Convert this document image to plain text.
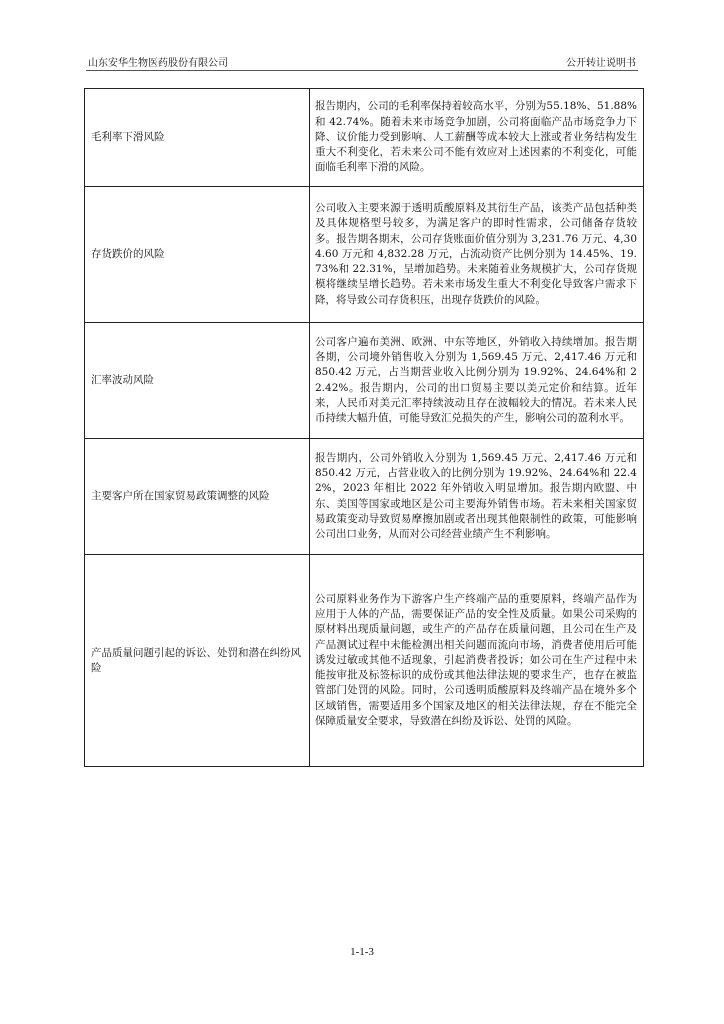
山东安华生物医药股份有限公司	公开转让说明书
毛利率下滑风险	报告期内，公司的毛利率保持着较高水平，分别为55.18%、51.88%和 42.74%。随着未来市场竞争加剧，公司将面临产品市场竞争力下降、议价能力受到影响、人工薪酬等成本较大上涨或者业务结构发生重大不利变化，若未来公司不能有效应对上述因素的不利变化，可能面临毛利率下滑的风险。
存货跌价的风险	公司收入主要来源于透明质酸原料及其衍生产品，该类产品包括种类及具体规格型号较多，为满足客户的即时性需求，公司储备存货较多。报告期各期末，公司存货账面价值分别为 3,231.76 万元、4,304.60 万元和 4,832.28 万元，占流动资产比例分别为 14.45%、19.73%和 22.31%，呈增加趋势。未来随着业务规模扩大，公司存货规模将继续呈增长趋势。若未来市场发生重大不利变化导致客户需求下降，将导致公司存货积压，出现存货跌价的风险。
汇率波动风险	公司客户遍布美洲、欧洲、中东等地区，外销收入持续增加。报告期各期，公司境外销售收入分别为 1,569.45 万元、2,417.46 万元和 850.42 万元，占当期营业收入比例分别为 19.92%、24.64%和 22.42%。报告期内，公司的出口贸易主要以美元定价和结算。近年来，人民币对美元汇率持续波动且存在波幅较大的情况。若未来人民币持续大幅升值，可能导致汇兑损失的产生，影响公司的盈利水平。
主要客户所在国家贸易政策调整的风险	报告期内，公司外销收入分别为 1,569.45 万元、2,417.46 万元和 850.42 万元，占营业收入的比例分别为 19.92%、24.64%和 22.42%，2023 年相比 2022 年外销收入明显增加。报告期内欧盟、中东、美国等国家或地区是公司主要海外销售市场。若未来相关国家贸易政策变动导致贸易摩擦加剧或者出现其他限制性的政策，可能影响公司出口业务，从而对公司经营业绩产生不利影响。
产品质量问题引起的诉讼、处罚和潜在纠纷风险	公司原料业务作为下游客户生产终端产品的重要原料，终端产品作为应用于人体的产品，需要保证产品的安全性及质量。如果公司采购的原材料出现质量问题，或生产的产品存在质量问题，且公司在生产及产品测试过程中未能检测出相关问题而流向市场，消费者使用后可能诱发过敏或其他不适现象，引起消费者投诉；如公司在生产过程中未能按审批及标签标识的成份或其他法律法规的要求生产，也存在被监管部门处罚的风险。同时，公司透明质酸原料及终端产品在境外多个区域销售，需要适用多个国家及地区的相关法律法规，存在不能完全保障质量安全要求，导致潜在纠纷及诉讼、处罚的风险。
1-1-3
